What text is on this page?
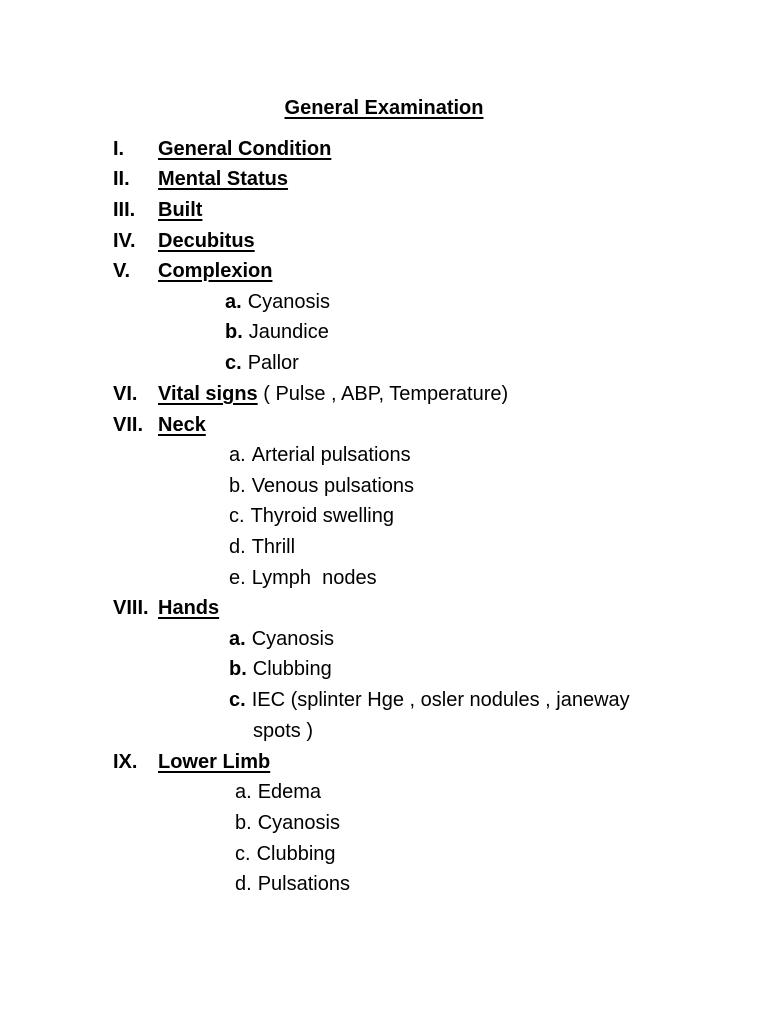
General Examination
I. General Condition
II. Mental Status
III. Built
IV. Decubitus
V. Complexion
a. Cyanosis
b. Jaundice
c. Pallor
VI. Vital signs ( Pulse , ABP, Temperature)
VII. Neck
a. Arterial pulsations
b. Venous pulsations
c. Thyroid swelling
d. Thrill
e. Lymph  nodes
VIII. Hands
a. Cyanosis
b. Clubbing
c. IEC (splinter Hge , osler nodules , janeway
spots )
IX. Lower Limb
a. Edema
b. Cyanosis
c. Clubbing
d. Pulsations
